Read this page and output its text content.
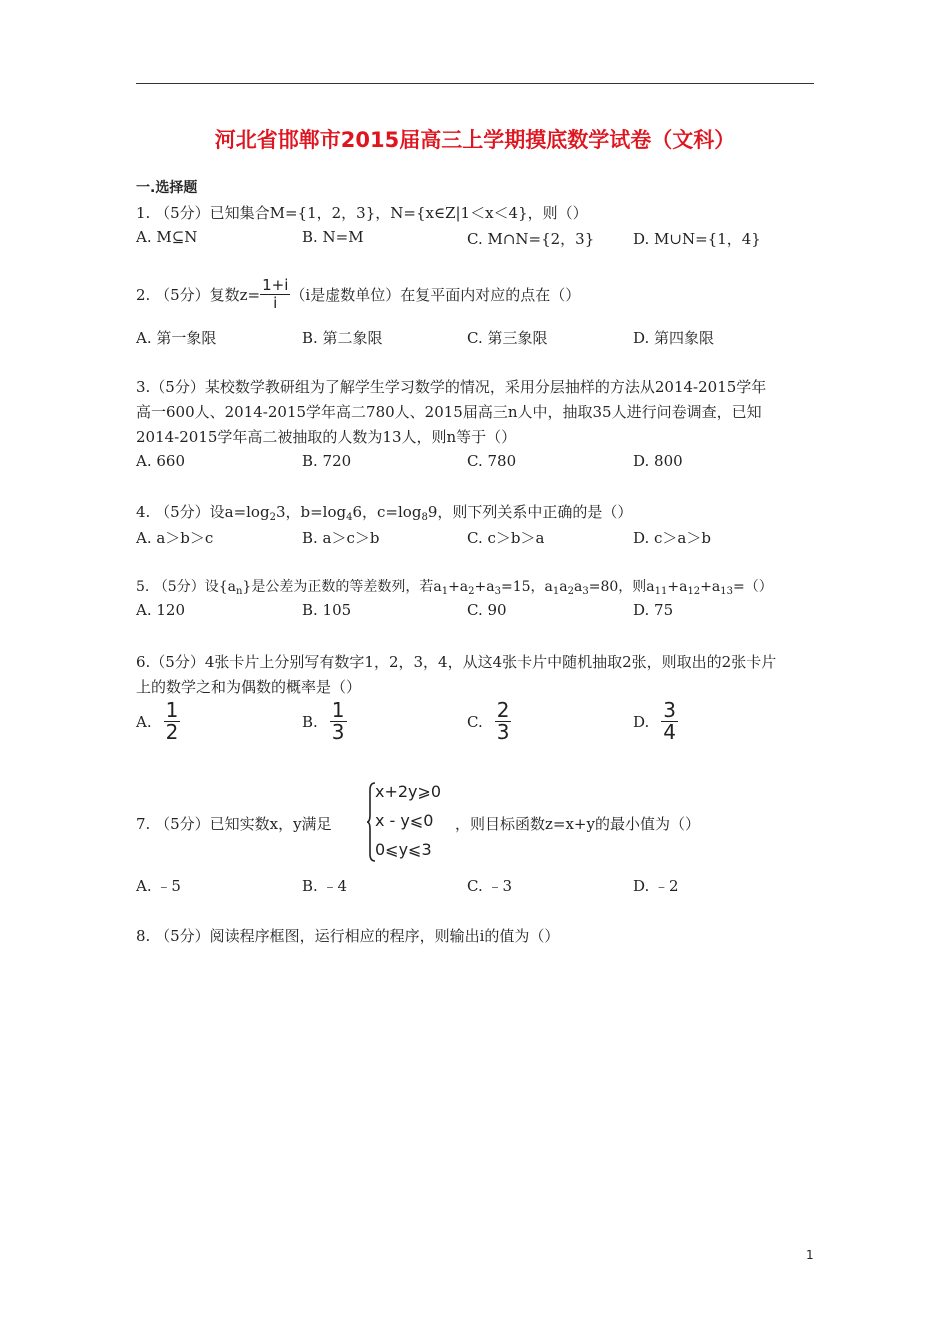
河北省邯郸市2015届高三上学期摸底数学试卷（文科）
一.选择题
1. （5分）已知集合M={1，2，3}，N={x∈Z|1＜x＜4}，则（）
A. M⊆N	B. N=M	C. M∩N={2，3}	D. M∪N={1，4}
2. （5分）复数$z= \frac{1+i}{i} (i$是虚数单位）在复平面内对应的点在（）
A. 第一象限	B. 第二象限	C. 第三象限	D. 第四象限
3.（5分）某校数学教研组为了解学生学习数学的情况，采用分层抽样的方法从2014-2015学年
高一600人、2014-2015学年高二780人、2015届高三n人中，抽取35人进行问卷调查，已知
2014-2015学年高二被抽取的人数为13人，则n等于（）
A. 660	B. 720	C. 780	D. 800
4. （5分）设$a=\log_23$，$b=\log_46$，$c=\log_89$，则下列关系中正确的是（）
A. a＞b＞c	B. a＞c＞b	C. c＞b＞a	D. c＞a＞b
5. （5分）设$\{a_n\}$是公差为正数的等差数列，若$a_1+a_2+a_3=15$，$a_1a_2a_3=80$，则$a_{11}+a_{12}+a_{13}=()$
A. 120	B. 105	C. 90	D. 75
6.（5分）4张卡片上分别写有数字1，2，3，4，从这4张卡片中随机抽取2张，则取出的2张卡片
上的数学之和为偶数的概率是（）
A. $\frac{1}{2}$	B. $\frac{1}{3}$	C. $\frac{2}{3}$	D. $\frac{3}{4}$
7. （5分）已知实数x，y满足
x+2y⩾0
x - y⩽0
0⩽y⩽3
，则目标函数z=x+y的最小值为（）
A. ﹣5	B. ﹣4	C. ﹣3	D. ﹣2
8. （5分）阅读程序框图，运行相应的程序，则输出i的值为（）
1
